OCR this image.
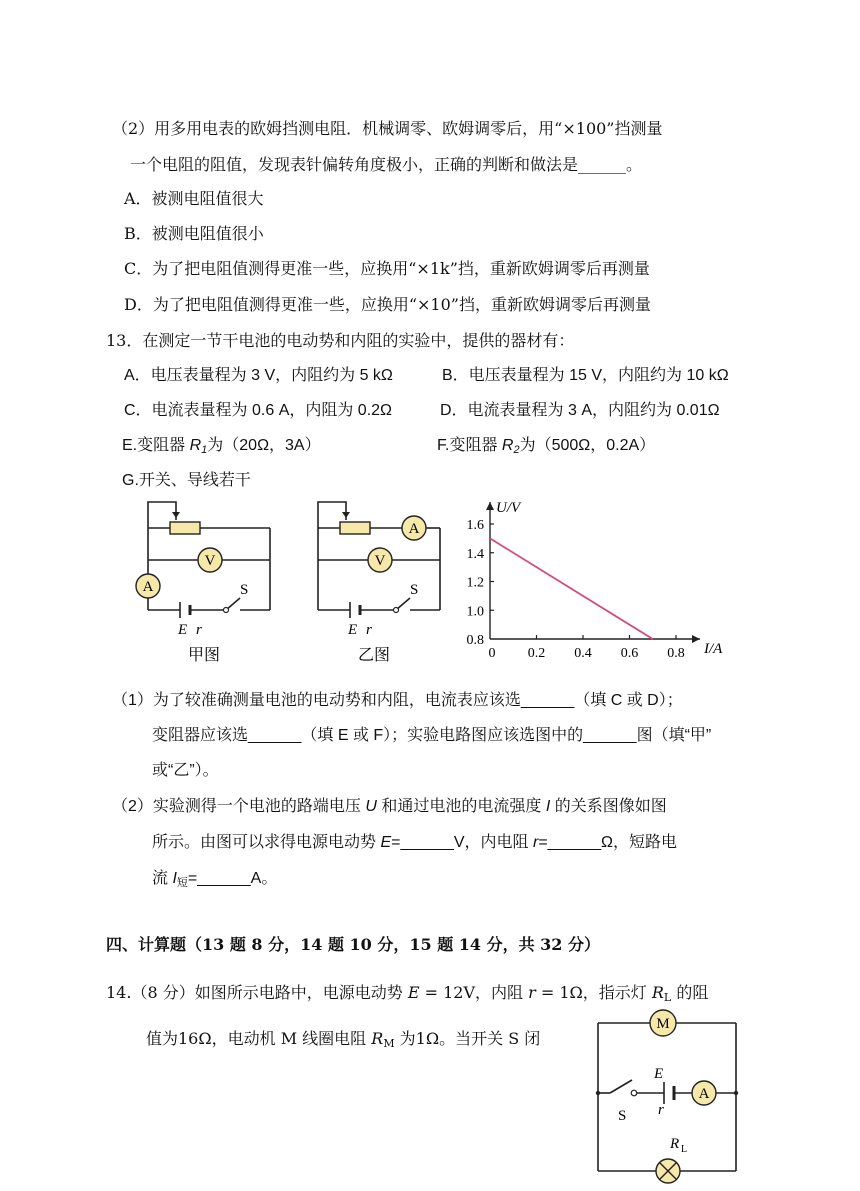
（2）用多用电表的欧姆挡测电阻．机械调零、欧姆调零后，用“×100”挡测量
一个电阻的阻值，发现表针偏转角度极小，正确的判断和做法是______。
A．被测电阻值很大
B．被测电阻值很小
C．为了把电阻值测得更准一些，应换用“×1k”挡，重新欧姆调零后再测量
D．为了把电阻值测得更准一些，应换用“×10”挡，重新欧姆调零后再测量
13．在测定一节干电池的电动势和内阻的实验中，提供的器材有：
A．电压表量程为 3 V，内阻约为 5 kΩ	B．电压表量程为 15 V，内阻约为 10 kΩ
C．电流表量程为 0.6 A，内阻为 0.2Ω	D．电流表量程为 3 A，内阻约为 0.01Ω
E.变阻器 $R_1$为（20Ω，3A）	F.变阻器 $R_2$为（500Ω，0.2A）
G.开关、导线若干
V
A	S
E r
甲图
A
V
S
E r
乙图	0 0.2 0.4 0.6 0.8
0.8
1.0
1.2
1.4
1.6
U/V
I/A
（1）为了较准确测量电池的电动势和内阻，电流表应该选______（填 C 或 D）；
变阻器应该选______（填 E 或 F）；实验电路图应该选图中的______图（填“甲”
或“乙”）。
（2）实验测得一个电池的路端电压 U 和通过电池的电流强度 I 的关系图像如图
所示。由图可以求得电源电动势 E=______V，内电阻 r=______Ω，短路电
流 $I_短=\_\_\_\_\_\_A$。
四、计算题（13 题 8 分，14 题 10 分，15 题 14 分，共 32 分）
14.（8 分）如图所示电路中，电源电动势 E = 12V，内阻 r = 1Ω，指示灯 $R_L$ 的阻
值为16Ω，电动机 M 线圈电阻 $R_M$ 为1Ω。当开关 S 闭
M
A
S
E
r
R L
